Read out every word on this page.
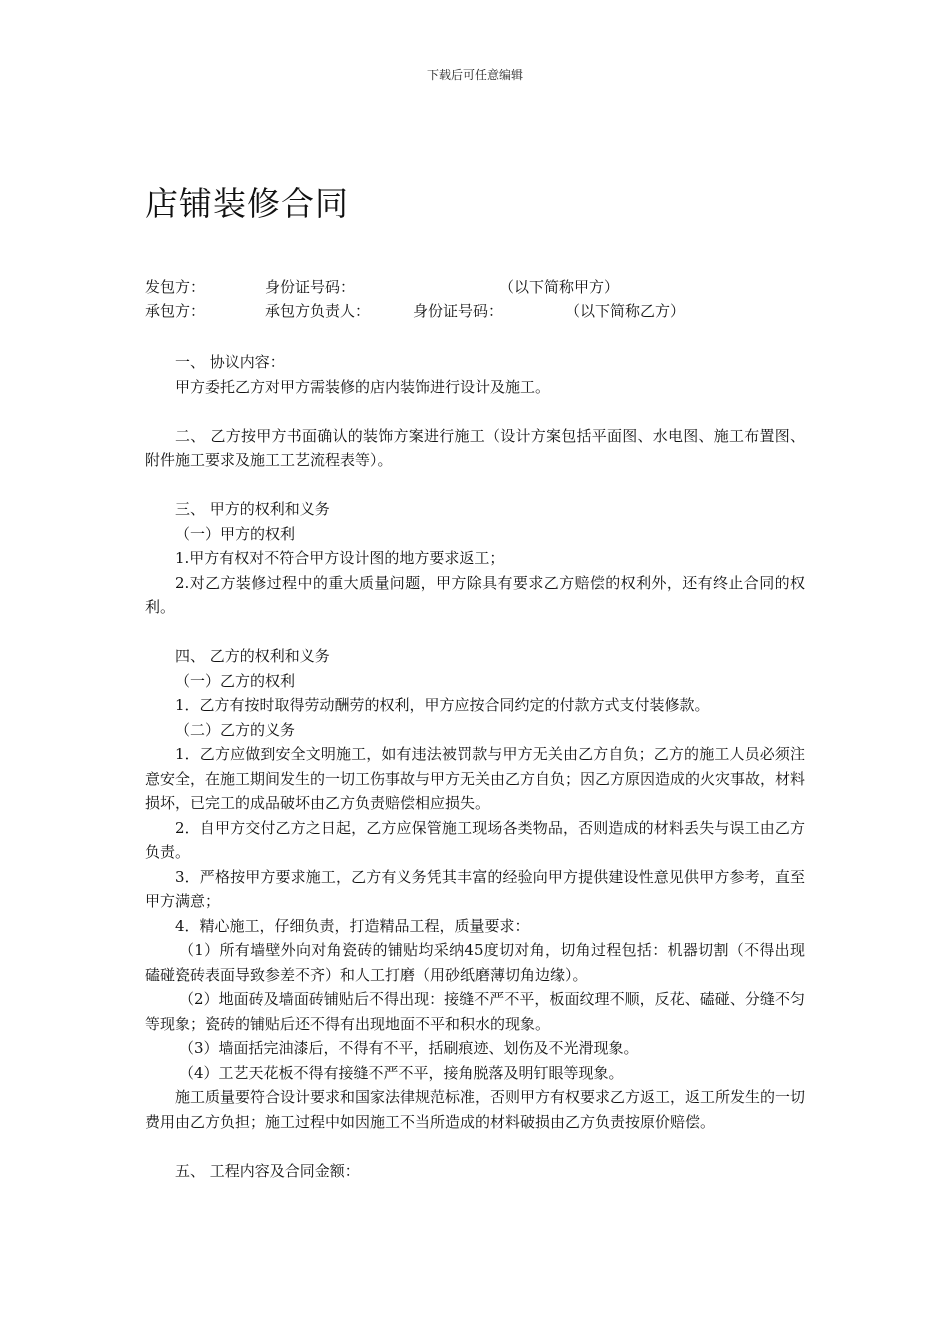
下载后可任意编辑
店铺装修合同
发包方：	身份证号码：	（以下简称甲方）
承包方：	承包方负责人：	身份证号码：	（以下简称乙方）

一、 协议内容：

甲方委托乙方对甲方需装修的店内装饰进行设计及施工。

二、 乙方按甲方书面确认的装饰方案进行施工（设计方案包括平面图、水电图、施工布置图、附件施工要求及施工工艺流程表等）。

三、 甲方的权利和义务

（一）甲方的权利

1.甲方有权对不符合甲方设计图的地方要求返工；

2.对乙方装修过程中的重大质量问题，甲方除具有要求乙方赔偿的权利外，还有终止合同的权利。

四、 乙方的权利和义务

（一）乙方的权利

1．乙方有按时取得劳动酬劳的权利，甲方应按合同约定的付款方式支付装修款。

（二）乙方的义务

1．乙方应做到安全文明施工，如有违法被罚款与甲方无关由乙方自负；乙方的施工人员必须注意安全，在施工期间发生的一切工伤事故与甲方无关由乙方自负；因乙方原因造成的火灾事故，材料损坏，已完工的成品破坏由乙方负责赔偿相应损失。

2．自甲方交付乙方之日起，乙方应保管施工现场各类物品，否则造成的材料丢失与误工由乙方负责。

3．严格按甲方要求施工，乙方有义务凭其丰富的经验向甲方提供建设性意见供甲方参考，直至甲方满意；

4．精心施工，仔细负责，打造精品工程，质量要求：

（1）所有墙壁外向对角瓷砖的铺贴均采纳45度切对角，切角过程包括：机器切割（不得出现磕碰瓷砖表面导致参差不齐）和人工打磨（用砂纸磨薄切角边缘）。

（2）地面砖及墙面砖铺贴后不得出现：接缝不严不平，板面纹理不顺，反花、磕碰、分缝不匀等现象；瓷砖的铺贴后还不得有出现地面不平和积水的现象。

（3）墙面括完油漆后，不得有不平，括刷痕迹、划伤及不光滑现象。

（4）工艺天花板不得有接缝不严不平，接角脱落及明钉眼等现象。

施工质量要符合设计要求和国家法律规范标准，否则甲方有权要求乙方返工，返工所发生的一切费用由乙方负担；施工过程中如因施工不当所造成的材料破损由乙方负责按原价赔偿。

五、 工程内容及合同金额：
